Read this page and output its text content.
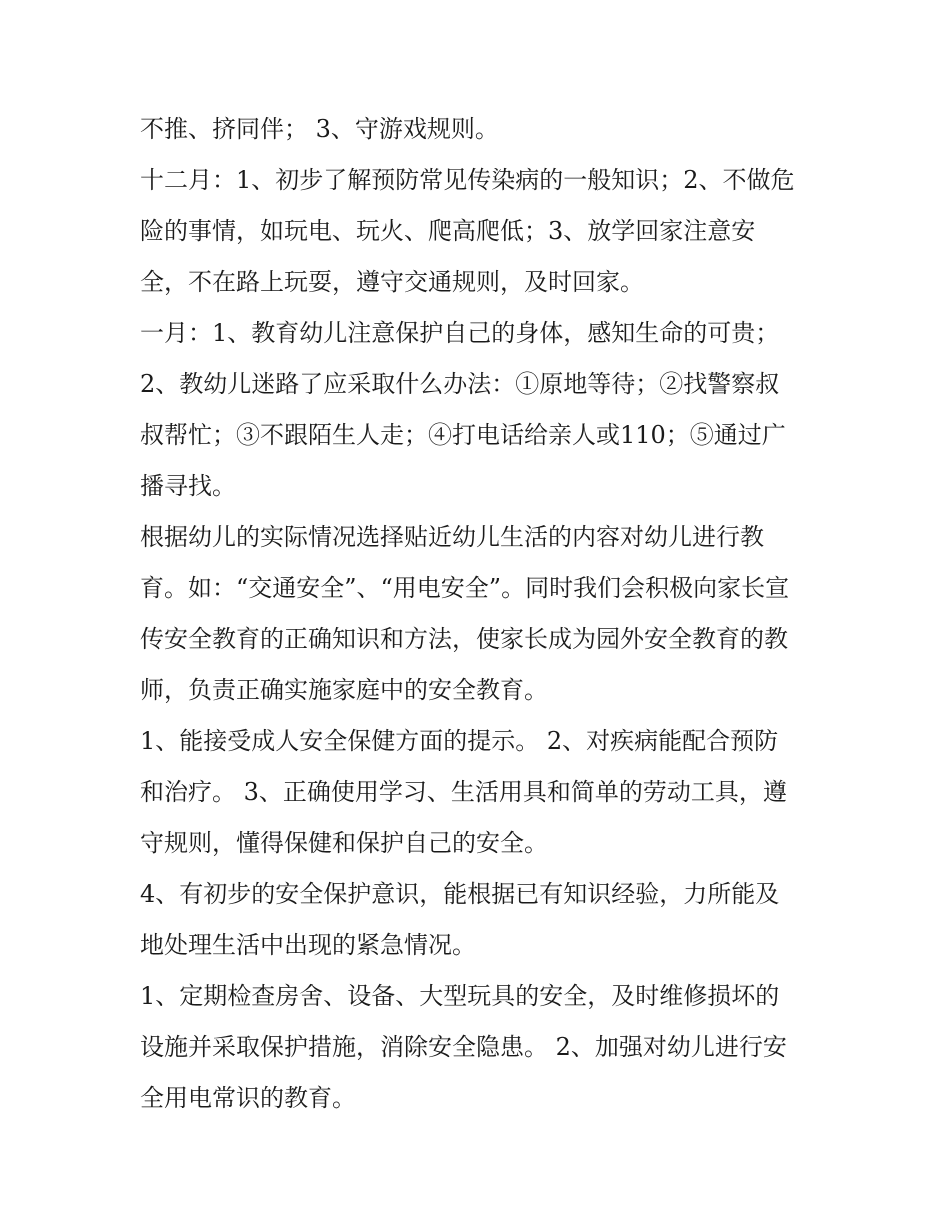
不推、挤同伴； 3、守游戏规则。
十二月：1、初步了解预防常见传染病的一般知识；2、不做危
险的事情，如玩电、玩火、爬高爬低；3、放学回家注意安
全，不在路上玩耍，遵守交通规则，及时回家。
一月：1、教育幼儿注意保护自己的身体，感知生命的可贵；
2、教幼儿迷路了应采取什么办法：①原地等待；②找警察叔
叔帮忙；③不跟陌生人走；④打电话给亲人或110；⑤通过广
播寻找。
根据幼儿的实际情况选择贴近幼儿生活的内容对幼儿进行教
育。如：“交通安全”、“用电安全”。同时我们会积极向家长宣
传安全教育的正确知识和方法，使家长成为园外安全教育的教
师，负责正确实施家庭中的安全教育。
1、能接受成人安全保健方面的提示。 2、对疾病能配合预防
和治疗。 3、正确使用学习、生活用具和简单的劳动工具，遵
守规则，懂得保健和保护自己的安全。
4、有初步的安全保护意识，能根据已有知识经验，力所能及
地处理生活中出现的紧急情况。
1、定期检查房舍、设备、大型玩具的安全，及时维修损坏的
设施并采取保护措施，消除安全隐患。 2、加强对幼儿进行安
全用电常识的教育。
